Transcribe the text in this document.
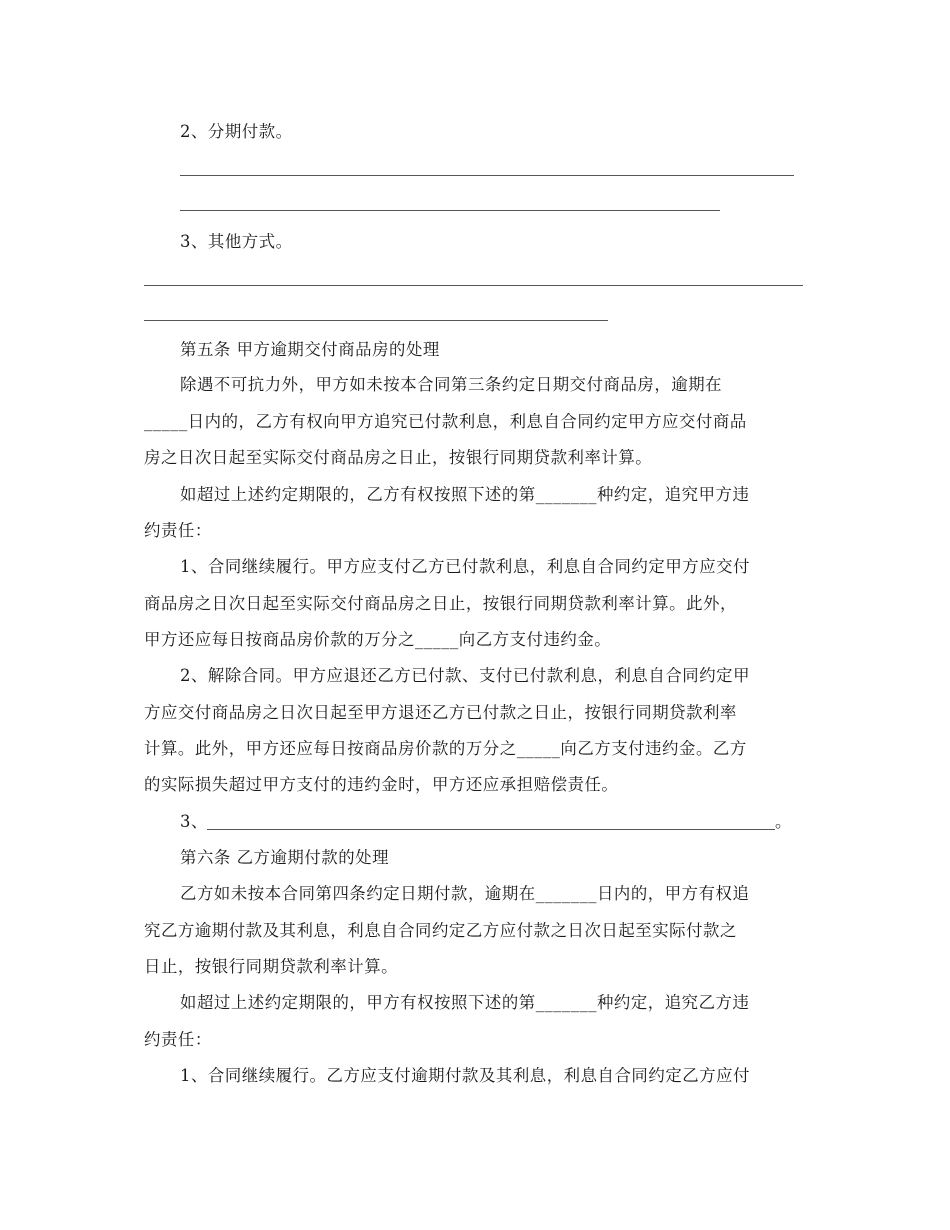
2、分期付款。
3、其他方式。
第五条 甲方逾期交付商品房的处理
除遇不可抗力外，甲方如未按本合同第三条约定日期交付商品房，逾期在
_____日内的，乙方有权向甲方追究已付款利息，利息自合同约定甲方应交付商品
房之日次日起至实际交付商品房之日止，按银行同期贷款利率计算。
如超过上述约定期限的，乙方有权按照下述的第_______种约定，追究甲方违
约责任：
1、合同继续履行。甲方应支付乙方已付款利息，利息自合同约定甲方应交付
商品房之日次日起至实际交付商品房之日止，按银行同期贷款利率计算。此外，
甲方还应每日按商品房价款的万分之_____向乙方支付违约金。
2、解除合同。甲方应退还乙方已付款、支付已付款利息，利息自合同约定甲
方应交付商品房之日次日起至甲方退还乙方已付款之日止，按银行同期贷款利率
计算。此外，甲方还应每日按商品房价款的万分之_____向乙方支付违约金。乙方
的实际损失超过甲方支付的违约金时，甲方还应承担赔偿责任。
3、	。
第六条 乙方逾期付款的处理
乙方如未按本合同第四条约定日期付款，逾期在_______日内的，甲方有权追
究乙方逾期付款及其利息，利息自合同约定乙方应付款之日次日起至实际付款之
日止，按银行同期贷款利率计算。
如超过上述约定期限的，甲方有权按照下述的第_______种约定，追究乙方违
约责任：
1、合同继续履行。乙方应支付逾期付款及其利息，利息自合同约定乙方应付
